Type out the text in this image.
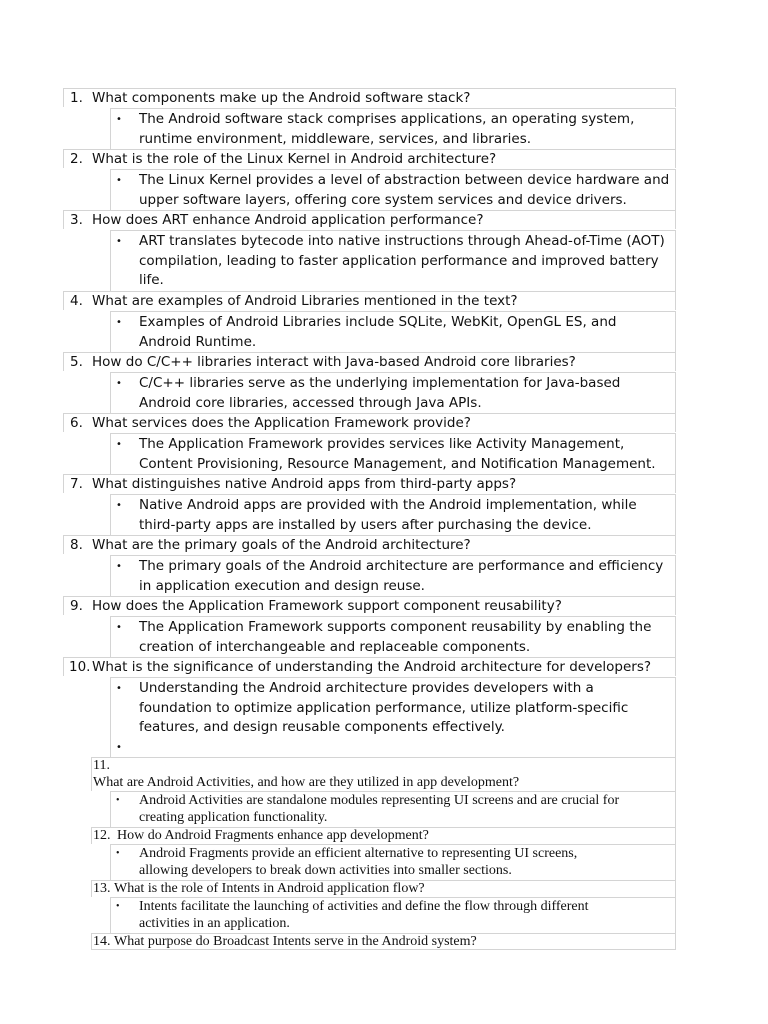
1. What components make up the Android software stack?
• The Android software stack comprises applications, an operating system,
runtime environment, middleware, services, and libraries.
2. What is the role of the Linux Kernel in Android architecture?
• The Linux Kernel provides a level of abstraction between device hardware and
upper software layers, offering core system services and device drivers.
3. How does ART enhance Android application performance?
• ART translates bytecode into native instructions through Ahead-of-Time (AOT)
compilation, leading to faster application performance and improved battery
life.
4. What are examples of Android Libraries mentioned in the text?
• Examples of Android Libraries include SQLite, WebKit, OpenGL ES, and
Android Runtime.
5. How do C/C++ libraries interact with Java-based Android core libraries?
• C/C++ libraries serve as the underlying implementation for Java-based
Android core libraries, accessed through Java APIs.
6. What services does the Application Framework provide?
• The Application Framework provides services like Activity Management,
Content Provisioning, Resource Management, and Notification Management.
7. What distinguishes native Android apps from third-party apps?
• Native Android apps are provided with the Android implementation, while
third-party apps are installed by users after purchasing the device.
8. What are the primary goals of the Android architecture?
• The primary goals of the Android architecture are performance and efficiency
in application execution and design reuse.
9. How does the Application Framework support component reusability?
• The Application Framework supports component reusability by enabling the
creation of interchangeable and replaceable components.
10. What is the significance of understanding the Android architecture for developers?
• Understanding the Android architecture provides developers with a
foundation to optimize application performance, utilize platform-specific
features, and design reusable components effectively.
•
11.
What are Android Activities, and how are they utilized in app development?
• Android Activities are standalone modules representing UI screens and are crucial for
creating application functionality.
12. How do Android Fragments enhance app development?
• Android Fragments provide an efficient alternative to representing UI screens,
allowing developers to break down activities into smaller sections.
13. What is the role of Intents in Android application flow?
• Intents facilitate the launching of activities and define the flow through different
activities in an application.
14. What purpose do Broadcast Intents serve in the Android system?
